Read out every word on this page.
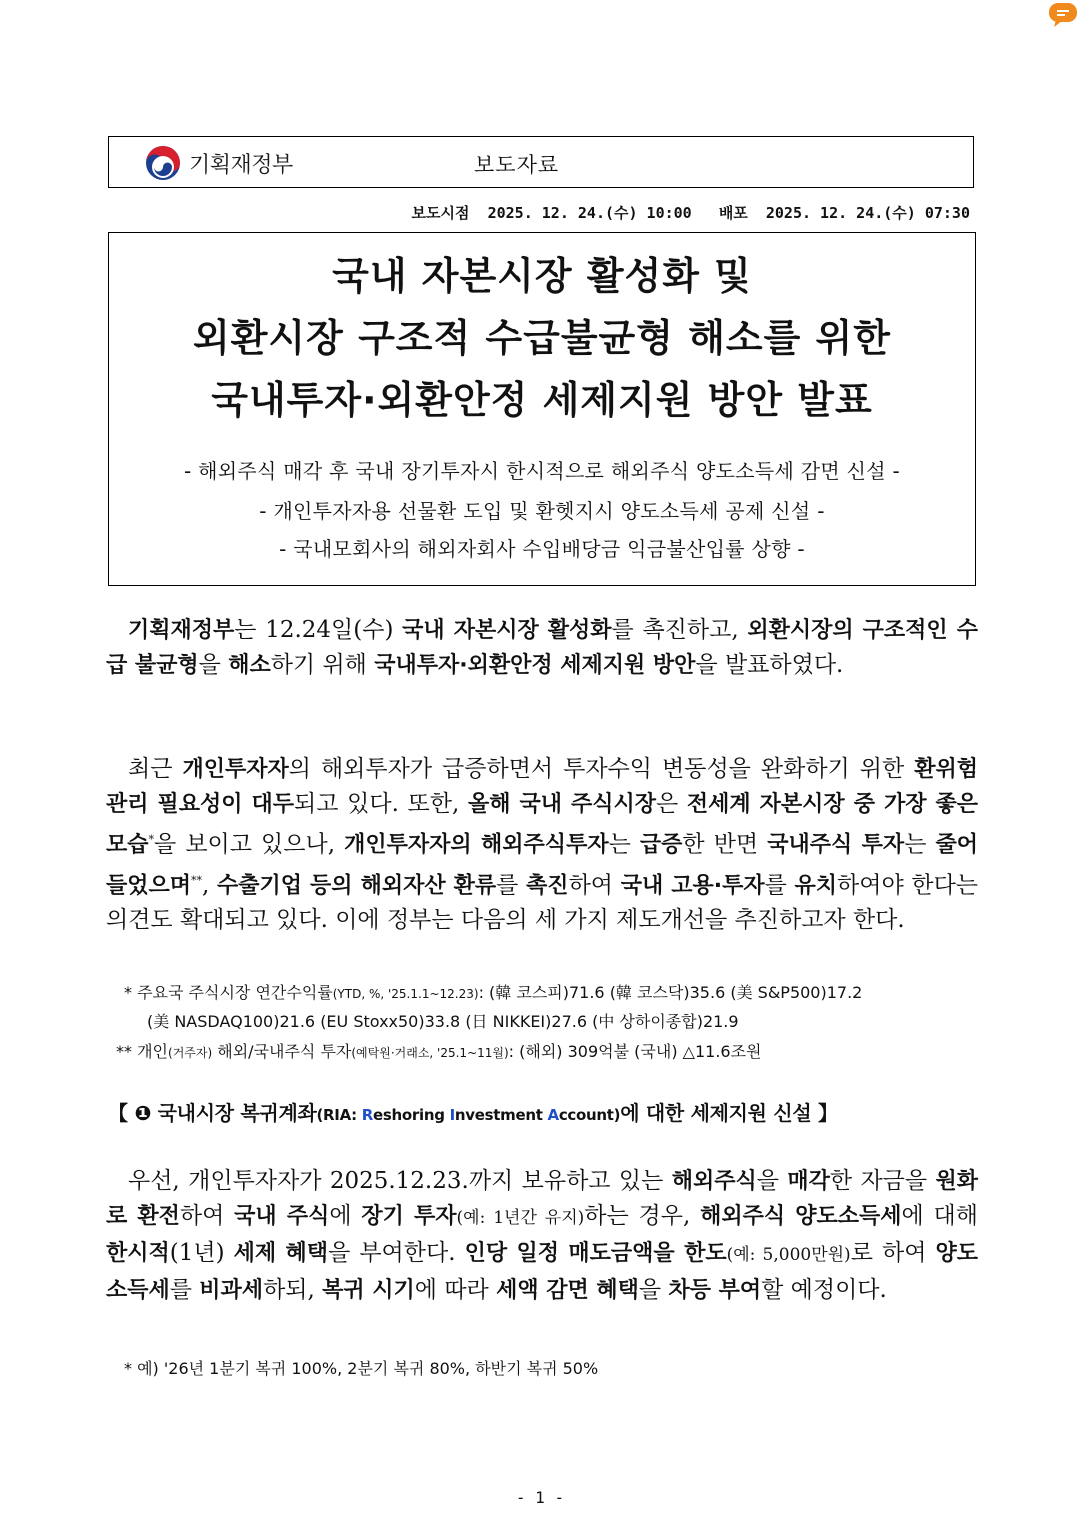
기획재정부	보도자료
보도시점 2025. 12. 24.(수) 10:00 배포 2025. 12. 24.(수) 07:30
국내 자본시장 활성화 및
외환시장 구조적 수급불균형 해소를 위한
국내투자·외환안정 세제지원 방안 발표
- 해외주식 매각 후 국내 장기투자시 한시적으로 해외주식 양도소득세 감면 신설 -
- 개인투자자용 선물환 도입 및 환헷지시 양도소득세 공제 신설 -
- 국내모회사의 해외자회사 수입배당금 익금불산입률 상향 -
기획재정부는 12.24일(수) 국내 자본시장 활성화를 촉진하고, 외환시장의 구조적인 수급 불균형을 해소하기 위해 국내투자·외환안정 세제지원 방안을 발표하였다.
최근 개인투자자의 해외투자가 급증하면서 투자수익 변동성을 완화하기 위한 환위험 관리 필요성이 대두되고 있다. 또한, 올해 국내 주식시장은 전세계 자본시장 중 가장 좋은 모습*을 보이고 있으나, 개인투자자의 해외주식투자는 급증한 반면 국내주식 투자는 줄어들었으며**, 수출기업 등의 해외자산 환류를 촉진하여 국내 고용·투자를 유치하여야 한다는 의견도 확대되고 있다. 이에 정부는 다음의 세 가지 제도개선을 추진하고자 한다.
* 주요국 주식시장 연간수익률(YTD, %, '25.1.1~12.23): (韓 코스피)71.6 (韓 코스닥)35.6 (美 S&P500)17.2
(美 NASDAQ100)21.6 (EU Stoxx50)33.8 (日 NIKKEI)27.6 (中 상하이종합)21.9
** 개인(거주자) 해외/국내주식 투자(예탁원·거래소, '25.1~11월): (해외) 309억불 (국내) △11.6조원
【 ❶ 국내시장 복귀계좌(RIA: Reshoring Investment Account)에 대한 세제지원 신설 】
우선, 개인투자자가 2025.12.23.까지 보유하고 있는 해외주식을 매각한 자금을 원화로 환전하여 국내 주식에 장기 투자(예: 1년간 유지)하는 경우, 해외주식 양도소득세에 대해 한시적(1년) 세제 혜택을 부여한다. 인당 일정 매도금액을 한도(예: 5,000만원)로 하여 양도소득세를 비과세하되, 복귀 시기에 따라 세액 감면 혜택을 차등 부여할 예정이다.
* 예) '26년 1분기 복귀 100%, 2분기 복귀 80%, 하반기 복귀 50%
- 1 -
